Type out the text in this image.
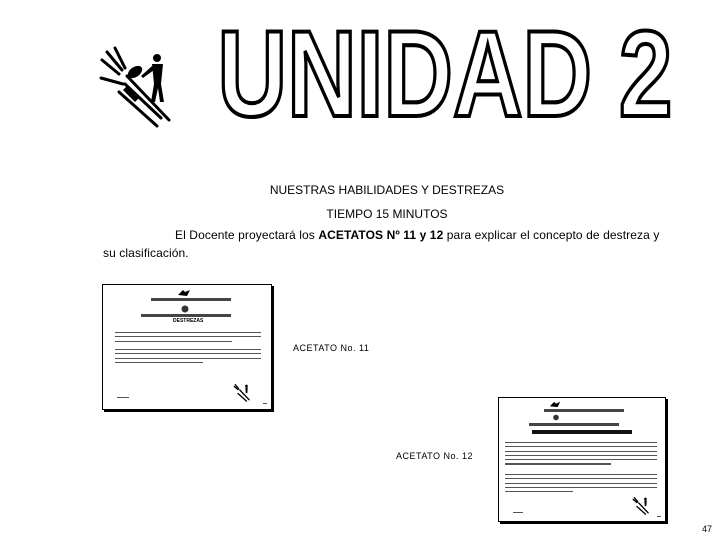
UNIDAD 2
NUESTRAS HABILIDADES Y DESTREZAS
TIEMPO 15 MINUTOS
El Docente proyectará los ACETATOS Nº 11 y 12 para explicar el concepto de destreza y su clasificación.
DESTREZAS
ACETATO No. 11
ACETATO No. 12
47
